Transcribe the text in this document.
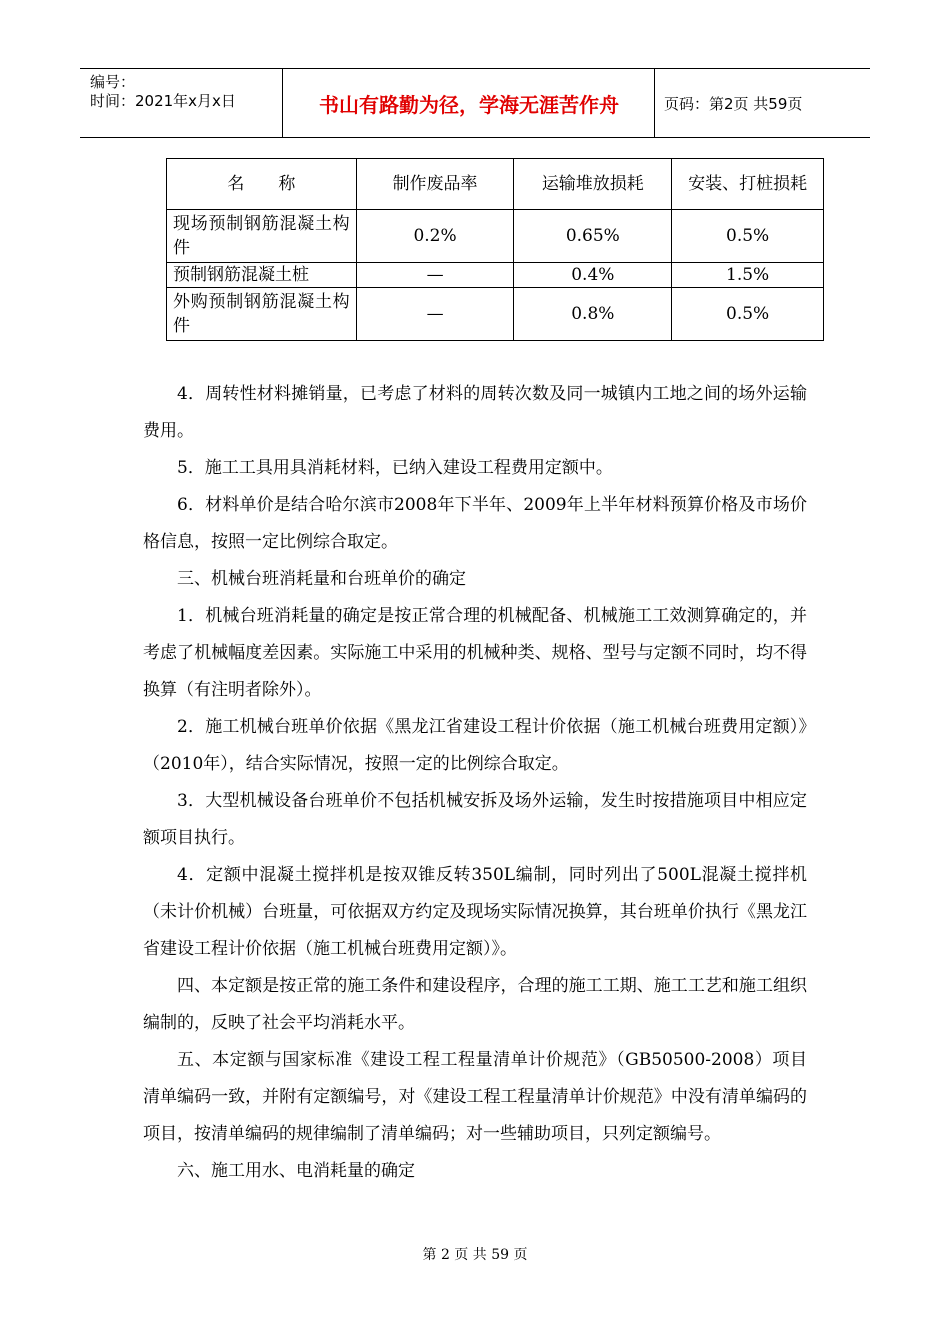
编号：
时间：2021年x月x日	书山有路勤为径，学海无涯苦作舟	页码：第2页 共59页
名　　称	制作废品率	运输堆放损耗	安装、打桩损耗
现场预制钢筋混凝土构件	0.2%	0.65%	0.5%
预制钢筋混凝土桩	—	0.4%	1.5%
外购预制钢筋混凝土构件	—	0.8%	0.5%

4．周转性材料摊销量，已考虑了材料的周转次数及同一城镇内工地之间的场外运输费用。

5．施工工具用具消耗材料，已纳入建设工程费用定额中。

6．材料单价是结合哈尔滨市2008年下半年、2009年上半年材料预算价格及市场价格信息，按照一定比例综合取定。

三、机械台班消耗量和台班单价的确定

1．机械台班消耗量的确定是按正常合理的机械配备、机械施工工效测算确定的，并考虑了机械幅度差因素。实际施工中采用的机械种类、规格、型号与定额不同时，均不得换算（有注明者除外）。

2．施工机械台班单价依据《黑龙江省建设工程计价依据（施工机械台班费用定额）》（2010年），结合实际情况，按照一定的比例综合取定。

3．大型机械设备台班单价不包括机械安拆及场外运输，发生时按措施项目中相应定额项目执行。

4．定额中混凝土搅拌机是按双锥反转350L编制，同时列出了500L混凝土搅拌机（未计价机械）台班量，可依据双方约定及现场实际情况换算，其台班单价执行《黑龙江省建设工程计价依据（施工机械台班费用定额）》。

四、本定额是按正常的施工条件和建设程序，合理的施工工期、施工工艺和施工组织编制的，反映了社会平均消耗水平。

五、本定额与国家标准《建设工程工程量清单计价规范》（GB50500-2008）项目清单编码一致，并附有定额编号，对《建设工程工程量清单计价规范》中没有清单编码的项目，按清单编码的规律编制了清单编码；对一些辅助项目，只列定额编号。

六、施工用水、电消耗量的确定

第 2 页 共 59 页
